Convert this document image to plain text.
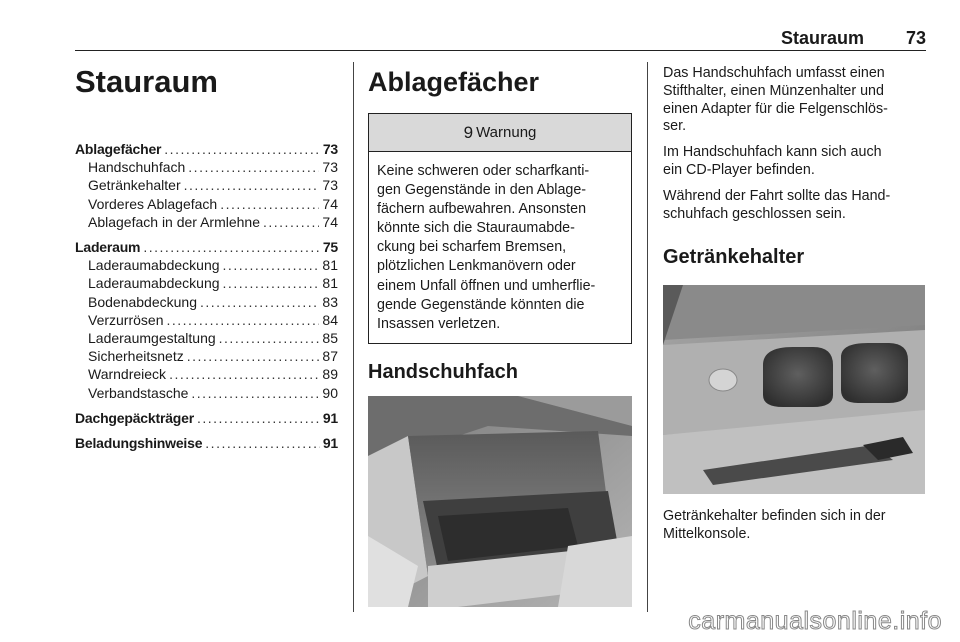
Stauraum 73
Stauraum
Ablagefächer .....	73
Handschuhfach .....	73
Getränkehalter .....	73
Vorderes Ablagefach .....	74
Ablagefach in der Armlehne .....	74
Laderaum .....	75
Laderaumabdeckung .....	81
Laderaumabdeckung .....	81
Bodenabdeckung .....	83
Verzurrösen .....	84
Laderaumgestaltung .....	85
Sicherheitsnetz .....	87
Warndreieck .....	89
Verbandstasche .....	90
Dachgepäckträger .....	91
Beladungshinweise .....	91
Ablagefächer
9 Warnung
Keine schweren oder scharfkanti-
gen Gegenstände in den Ablage-
fächern aufbewahren. Ansonsten
könnte sich die Stauraumabde-
ckung bei scharfem Bremsen,
plötzlichen Lenkmanövern oder
einem Unfall öffnen und umherflie-
gende Gegenstände könnten die
Insassen verletzen.
Handschuhfach

Das Handschuhfach umfasst einen
Stifthalter, einen Münzenhalter und
einen Adapter für die Felgenschlös-
ser.

Im Handschuhfach kann sich auch
ein CD-Player befinden.

Während der Fahrt sollte das Hand-
schuhfach geschlossen sein.

Getränkehalter
Getränkehalter befinden sich in der
Mittelkonsole.
carmanualsonline.info
